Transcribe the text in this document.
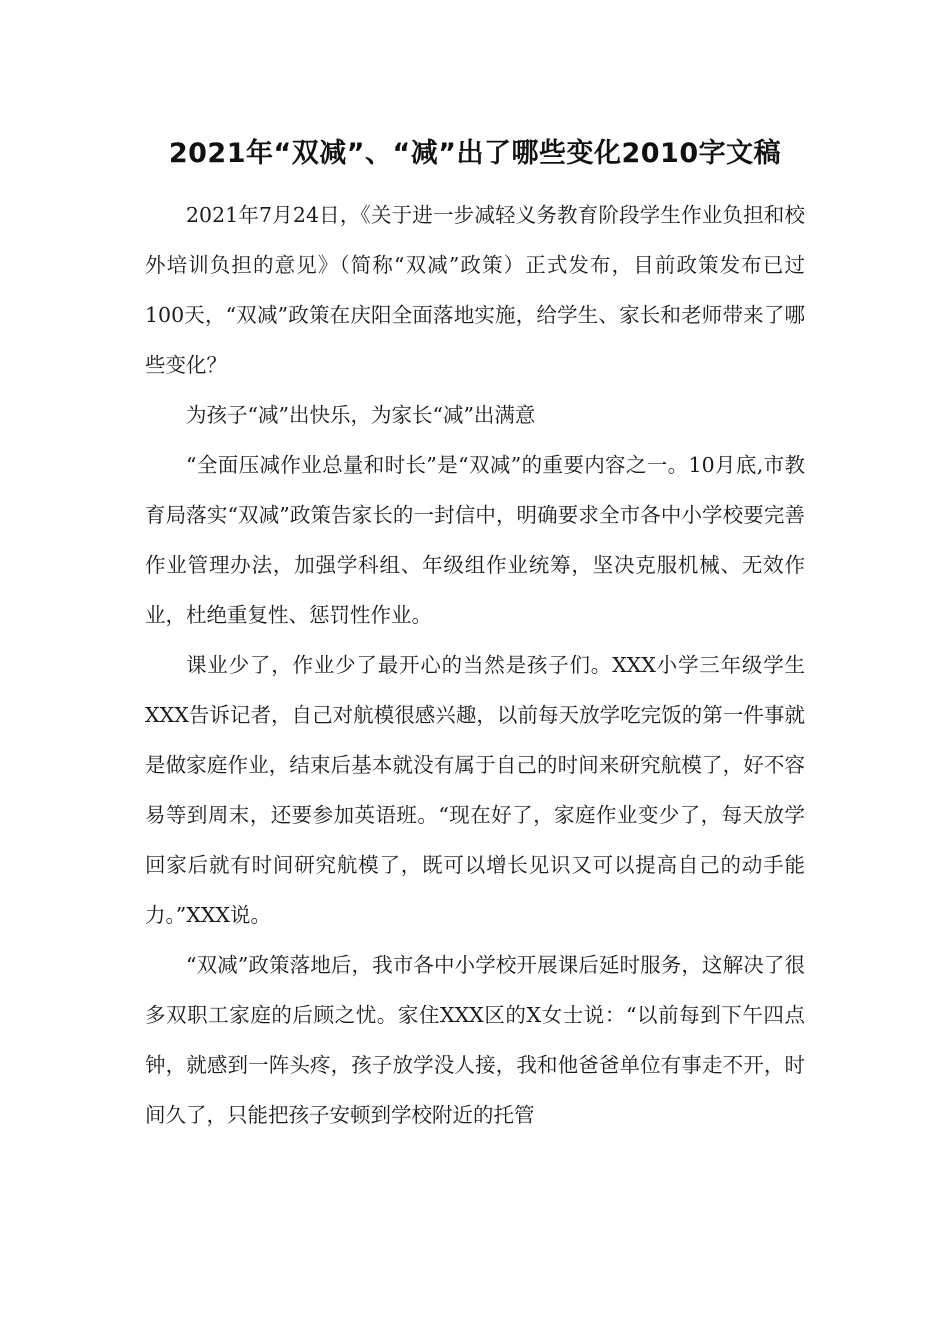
2021年“双减”、“减”出了哪些变化2010字文稿

2021年7月24日，《关于进一步减轻义务教育阶段学生作业负担和校外培训负担的意见》（简称“双减”政策）正式发布，目前政策发布已过100天，“双减”政策在庆阳全面落地实施，给学生、家长和老师带来了哪些变化？

为孩子“减”出快乐，为家长“减”出满意

“全面压减作业总量和时长”是“双减”的重要内容之一。10月底,市教育局落实“双减”政策告家长的一封信中，明确要求全市各中小学校要完善作业管理办法，加强学科组、年级组作业统筹，坚决克服机械、无效作业，杜绝重复性、惩罚性作业。

课业少了，作业少了最开心的当然是孩子们。XXX小学三年级学生XXX告诉记者，自己对航模很感兴趣，以前每天放学吃完饭的第一件事就是做家庭作业，结束后基本就没有属于自己的时间来研究航模了，好不容易等到周末，还要参加英语班。“现在好了，家庭作业变少了，每天放学回家后就有时间研究航模了，既可以增长见识又可以提高自己的动手能力。”XXX说。

“双减”政策落地后，我市各中小学校开展课后延时服务，这解决了很多双职工家庭的后顾之忧。家住XXX区的X女士说：“以前每到下午四点钟，就感到一阵头疼，孩子放学没人接，我和他爸爸单位有事走不开，时间久了，只能把孩子安顿到学校附近的托管
